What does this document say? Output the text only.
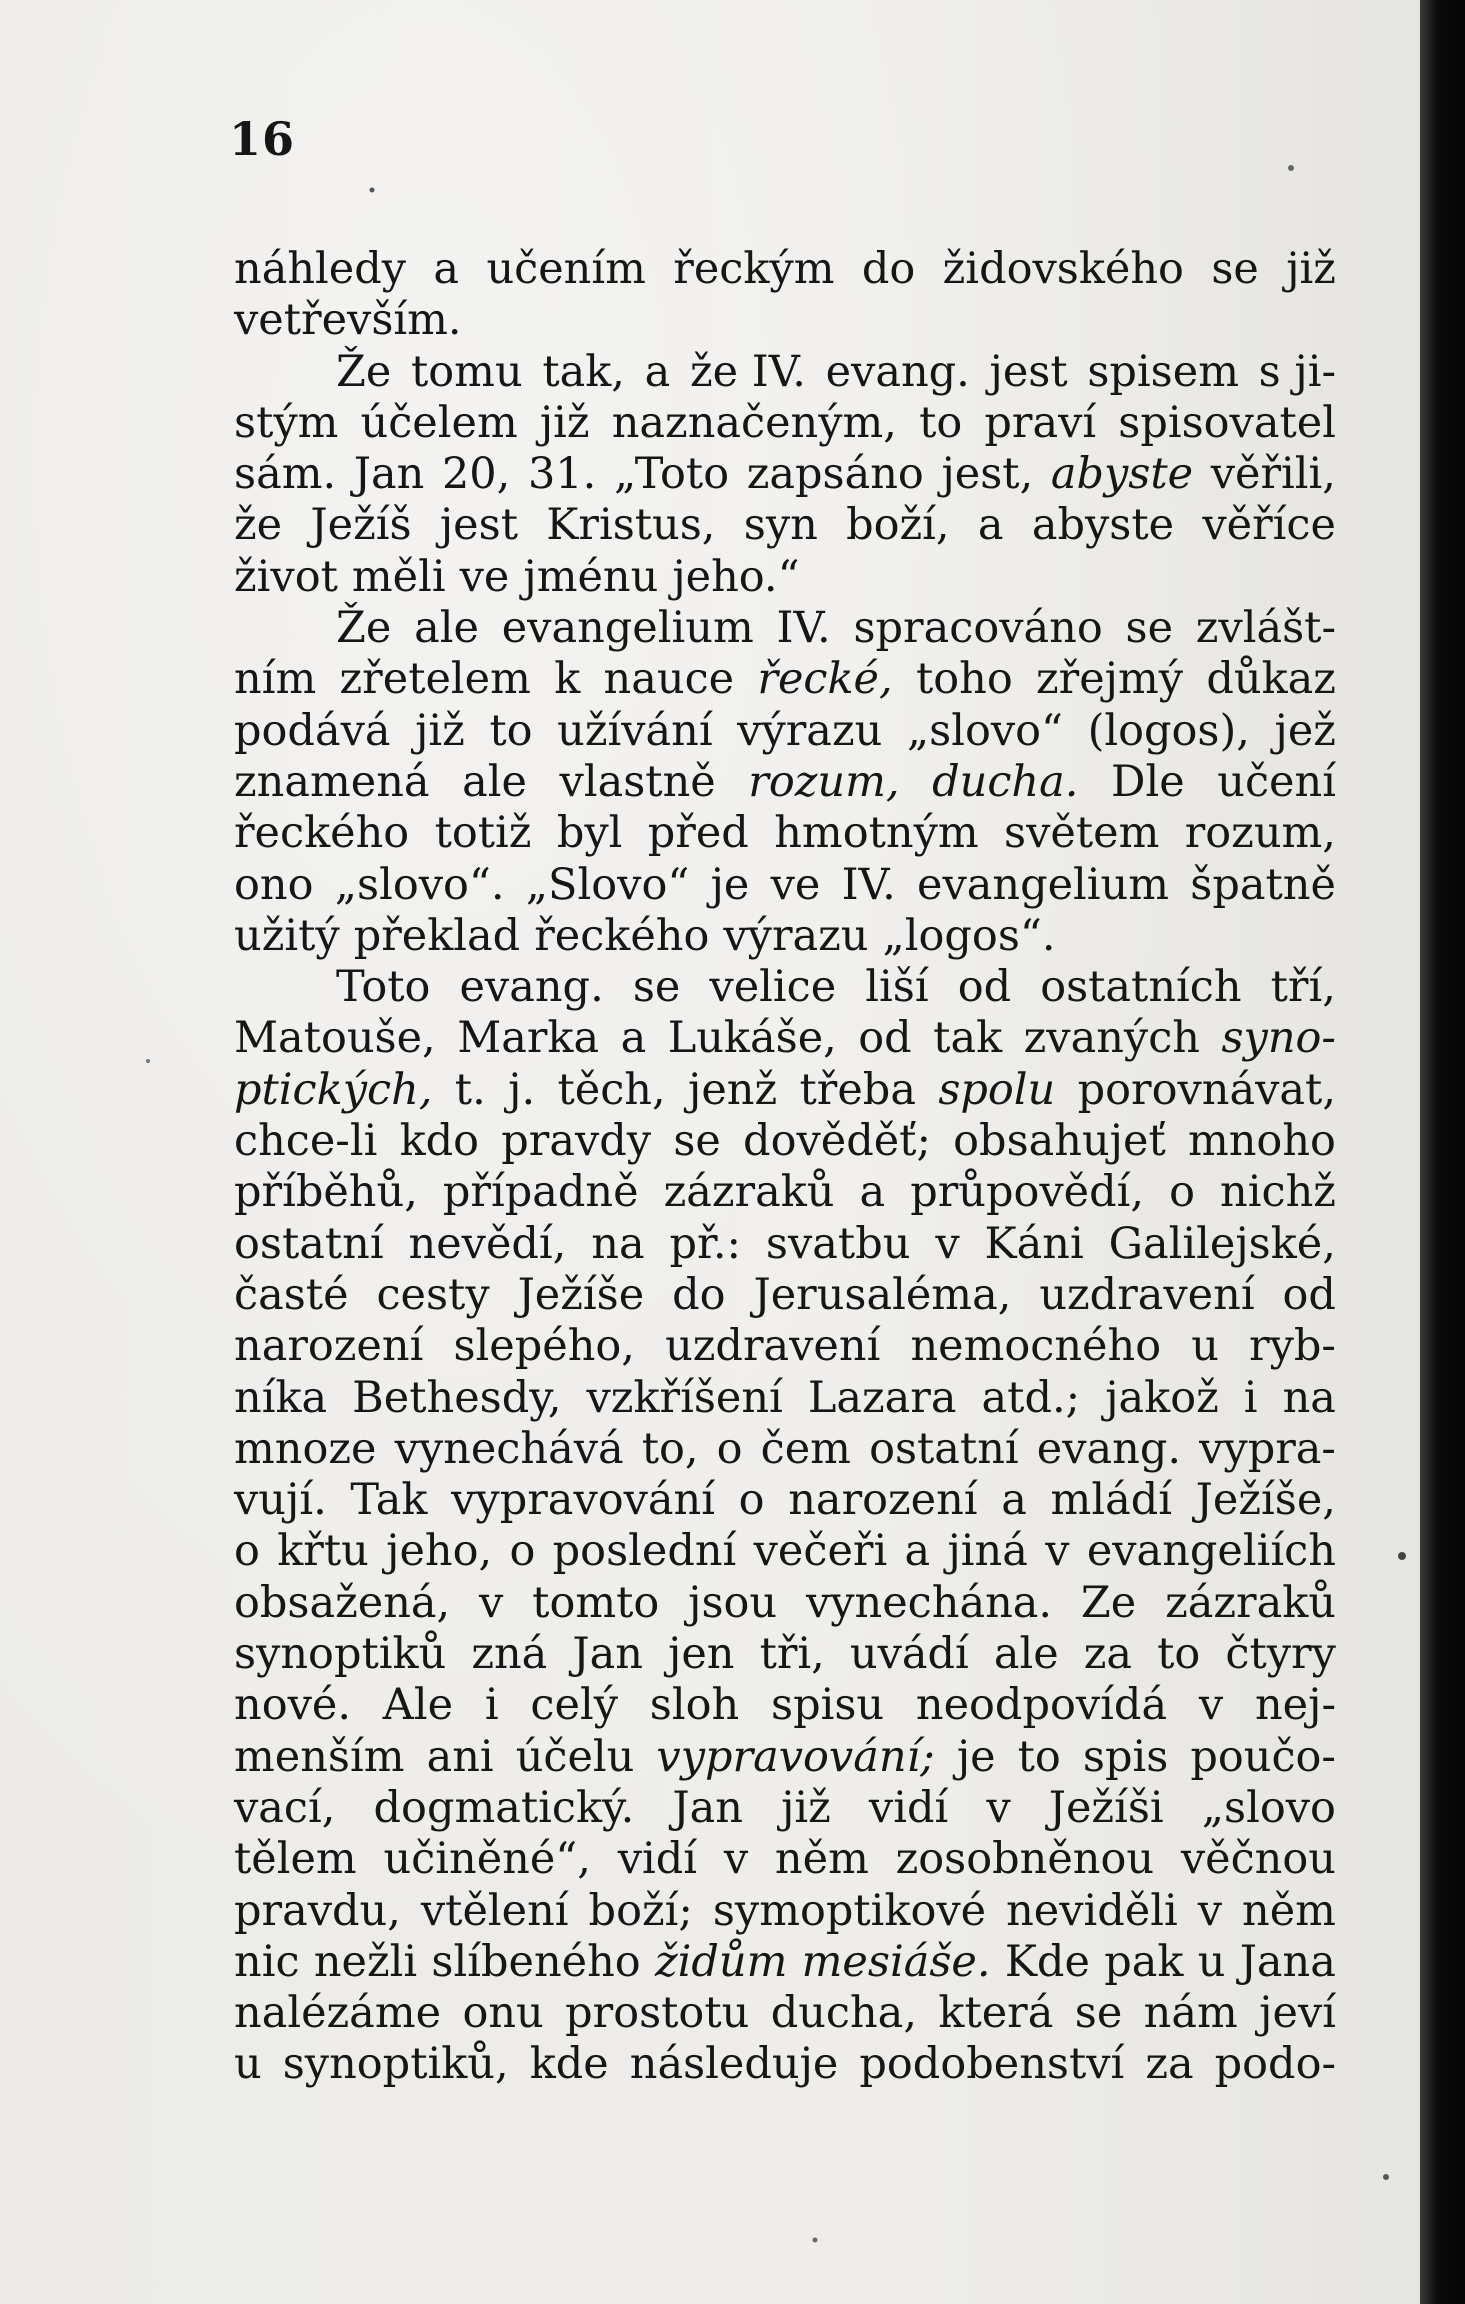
16
náhledy a učením řeckým do židovského se již
vetřevším.
Že tomu tak, a že IV. evang. jest spisem s ji-
stým účelem již naznačeným, to praví spisovatel
sám. Jan 20, 31. „Toto zapsáno jest, abyste věřili,
že Ježíš jest Kristus, syn boží, a abyste věříce
život měli ve jménu jeho.“
Že ale evangelium IV. spracováno se zvlášt-
ním zřetelem k nauce řecké, toho zřejmý důkaz
podává již to užívání výrazu „slovo“ (logos), jež
znamená ale vlastně rozum, ducha. Dle učení
řeckého totiž byl před hmotným světem rozum,
ono „slovo“. „Slovo“ je ve IV. evangelium špatně
užitý překlad řeckého výrazu „logos“.
Toto evang. se velice liší od ostatních tří,
Matouše, Marka a Lukáše, od tak zvaných syno-
ptických, t. j. těch, jenž třeba spolu porovnávat,
chce-li kdo pravdy se dověděť; obsahujeť mnoho
příběhů, případně zázraků a průpovědí, o nichž
ostatní nevědí, na př.: svatbu v Káni Galilejské,
časté cesty Ježíše do Jerusaléma, uzdravení od
narození slepého, uzdravení nemocného u ryb-
níka Bethesdy, vzkříšení Lazara atd.; jakož i na
mnoze vynechává to, o čem ostatní evang. vypra-
vují. Tak vypravování o narození a mládí Ježíše,
o křtu jeho, o poslední večeři a jiná v evangeliích
obsažená, v tomto jsou vynechána. Ze zázraků
synoptiků zná Jan jen tři, uvádí ale za to čtyry
nové. Ale i celý sloh spisu neodpovídá v nej-
menším ani účelu vypravování; je to spis poučo-
vací, dogmatický. Jan již vidí v Ježíši „slovo
tělem učiněné“, vidí v něm zosobněnou věčnou
pravdu, vtělení boží; symoptikové neviděli v něm
nic nežli slíbeného židům mesiáše. Kde pak u Jana
nalézáme onu prostotu ducha, která se nám jeví
u synoptiků, kde následuje podobenství za podo-
